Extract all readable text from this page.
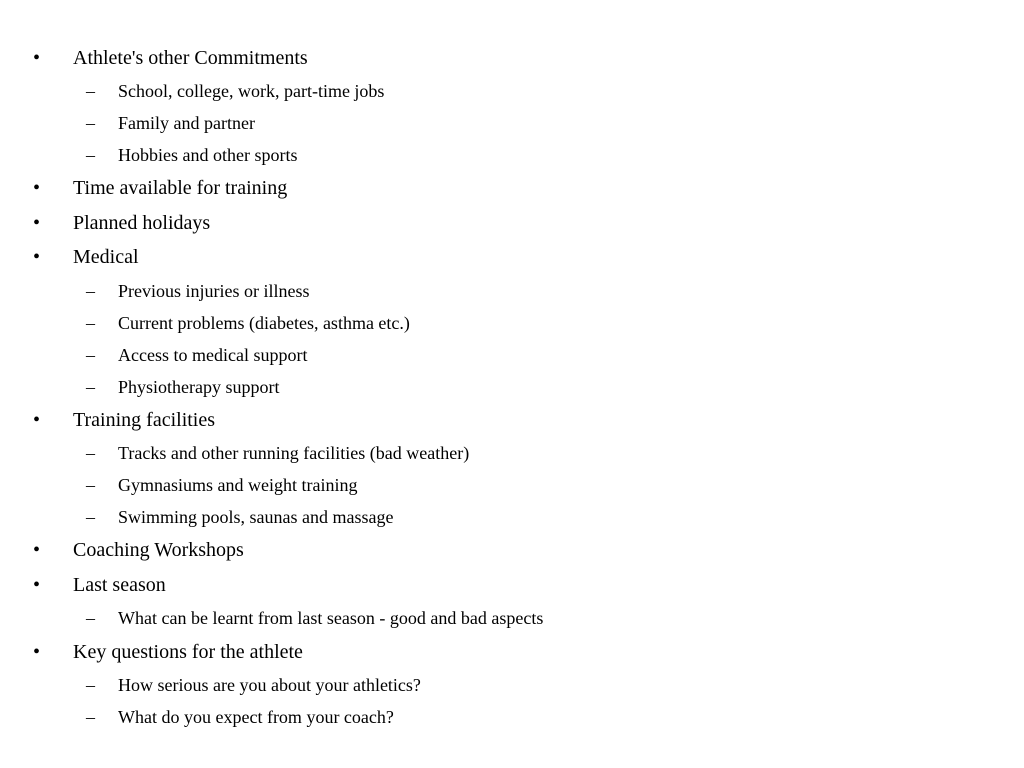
• Athlete's other Commitments
– School, college, work, part-time jobs
– Family and partner
– Hobbies and other sports
• Time available for training
• Planned holidays
• Medical
– Previous injuries or illness
– Current problems (diabetes, asthma etc.)
– Access to medical support
– Physiotherapy support
• Training facilities
– Tracks and other running facilities (bad weather)
– Gymnasiums and weight training
– Swimming pools, saunas and massage
• Coaching Workshops
• Last season
– What can be learnt from last season - good and bad aspects
• Key questions for the athlete
– How serious are you about your athletics?
– What do you expect from your coach?
